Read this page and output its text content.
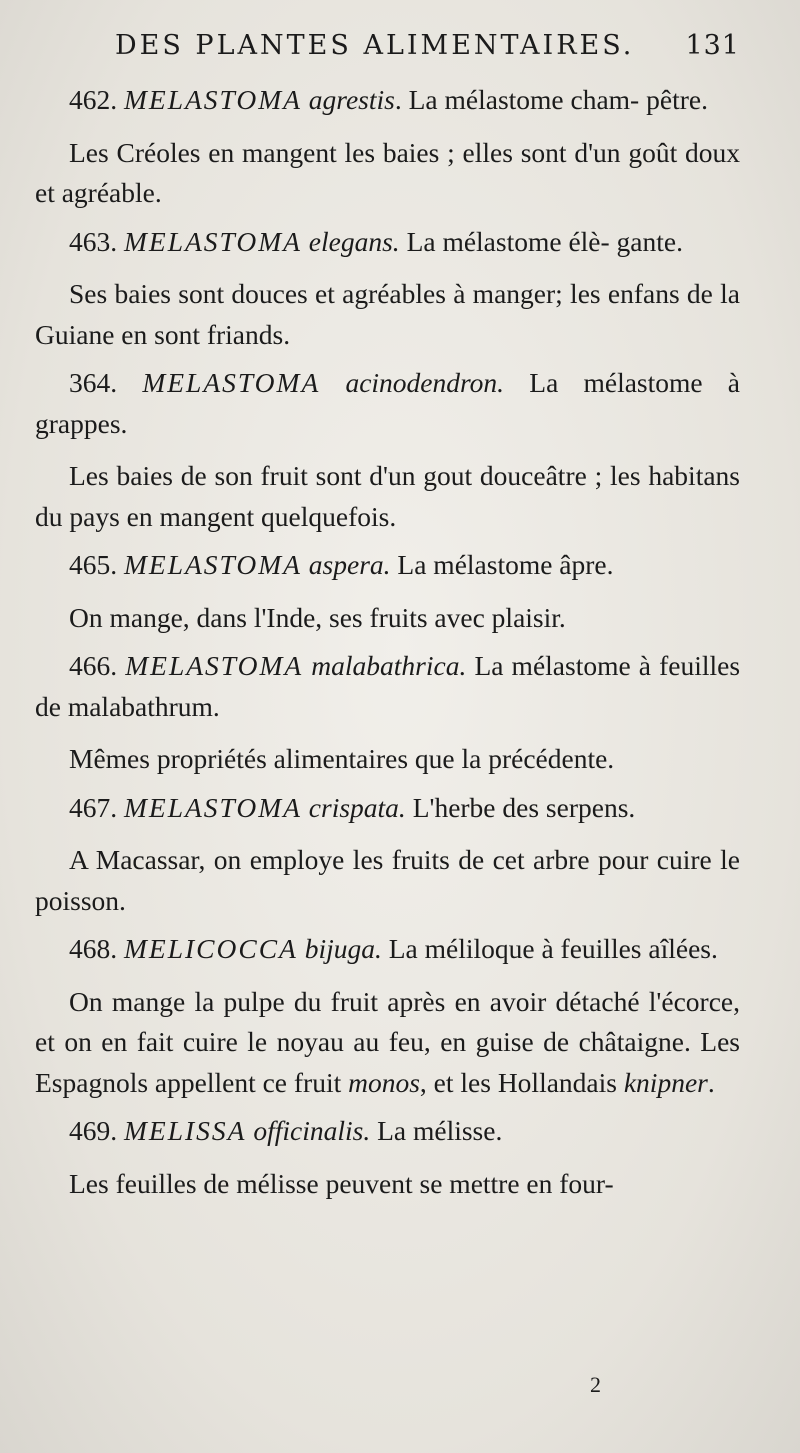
DES PLANTES ALIMENTAIRES. 131

462. MELASTOMA agrestis. La mélastome cham- pêtre.

Les Créoles en mangent les baies ; elles sont d'un goût doux et agréable.

463. MELASTOMA elegans. La mélastome élè- gante.

Ses baies sont douces et agréables à manger; les enfans de la Guiane en sont friands.

364. MELASTOMA acinodendron. La mélastome à grappes.

Les baies de son fruit sont d'un gout douceâtre ; les habitans du pays en mangent quelquefois.

465. MELASTOMA aspera. La mélastome âpre.

On mange, dans l'Inde, ses fruits avec plaisir.

466. MELASTOMA malabathrica. La mélastome à feuilles de malabathrum.

Mêmes propriétés alimentaires que la précédente.

467. MELASTOMA crispata. L'herbe des serpens.

A Macassar, on employe les fruits de cet arbre pour cuire le poisson.

468. MELICOCCA bijuga. La méliloque à feuilles aîlées.

On mange la pulpe du fruit après en avoir détaché l'écorce, et on en fait cuire le noyau au feu, en guise de châtaigne. Les Espagnols appellent ce fruit monos, et les Hollandais knipner.

469. MELISSA officinalis. La mélisse.

Les feuilles de mélisse peuvent se mettre en four-

2
